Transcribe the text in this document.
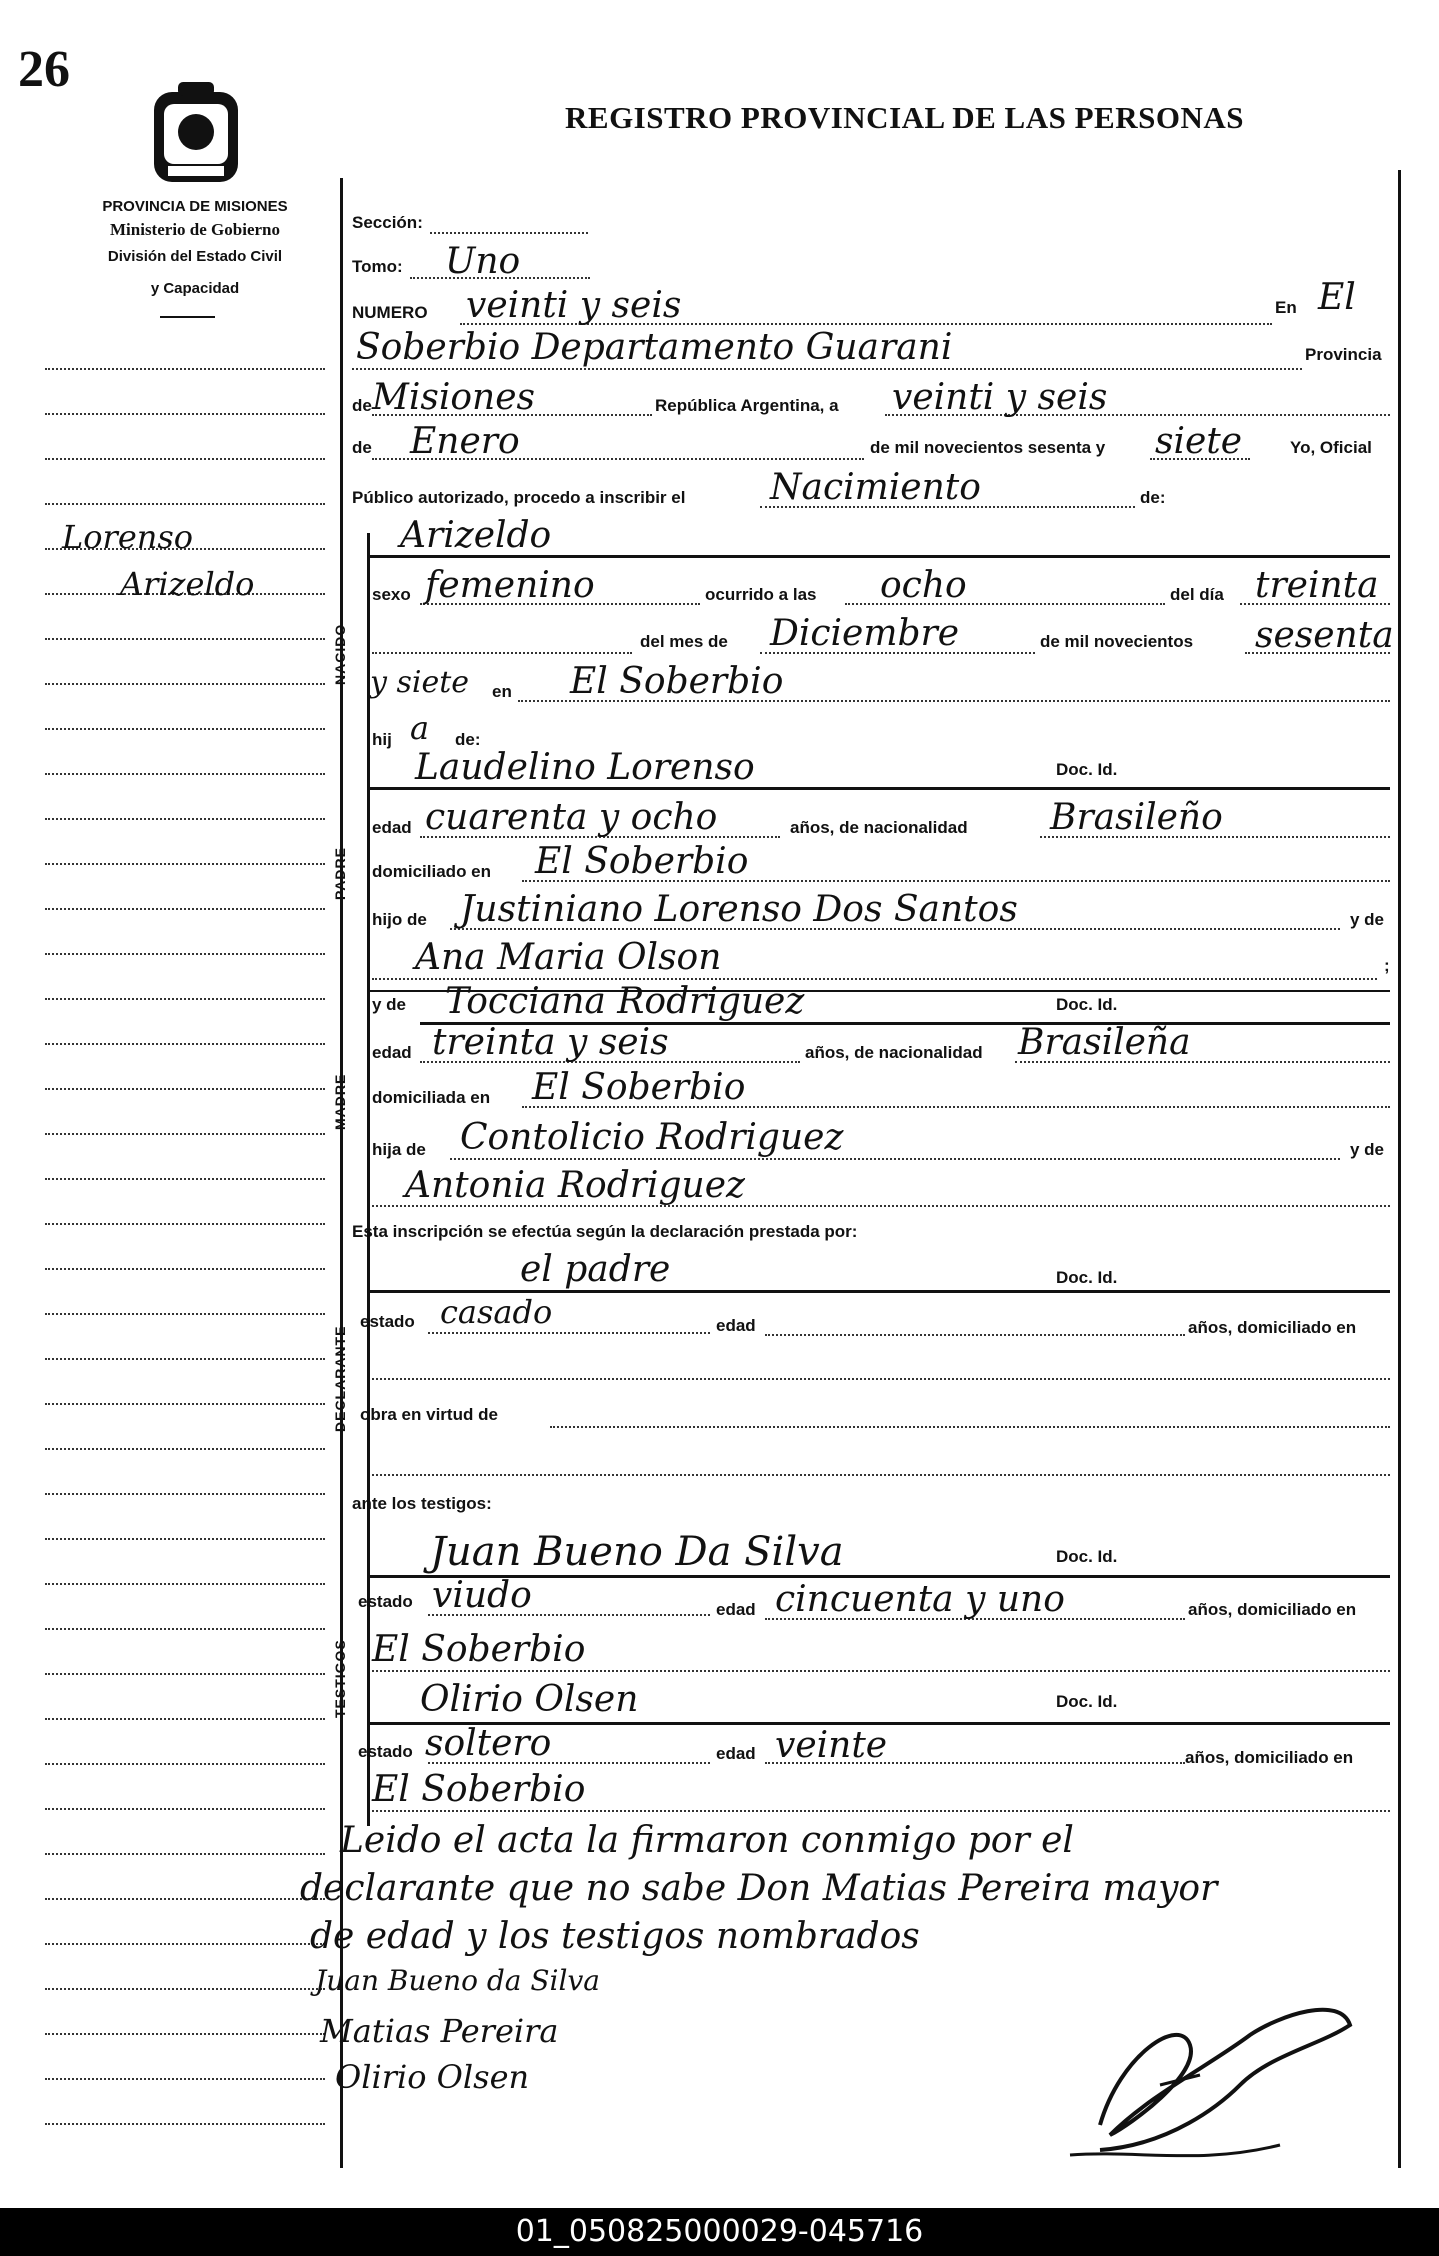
26
REGISTRO PROVINCIAL DE LAS PERSONAS
PROVINCIA DE MISIONES
Ministerio de Gobierno
División del Estado Civil
y Capacidad
Lorenso
Arizeldo
Sección:
Tomo: Uno
NUMERO veinti y seis	En El
Soberbio Departamento Guarani	Provincia
de Misiones	República Argentina, a veinti y seis
de Enero	de mil novecientos sesenta y siete	Yo, Oficial
Público autorizado, procedo a inscribir el Nacimiento	de:
Arizeldo
NACIDO
sexo femenino	ocurrido a las ocho	del día treinta
del mes de Diciembre	de mil novecientos sesenta
y siete en El Soberbio
hij a de:
Laudelino Lorenso	Doc. Id.
PADRE
edad cuarenta y ocho	años, de nacionalidad Brasileño
domiciliado en El Soberbio
hijo de Justiniano Lorenso Dos Santos	y de
Ana Maria Olson	;
y de Tocciana Rodriguez	Doc. Id.
MADRE
edad treinta y seis	años, de nacionalidad Brasileña
domiciliada en El Soberbio
hija de Contolicio Rodriguez	y de
Antonia Rodriguez
Esta inscripción se efectúa según la declaración prestada por:
el padre	Doc. Id.
DECLARANTE
estado casado	edad	años, domiciliado en
obra en virtud de
ante los testigos:
Juan Bueno Da Silva	Doc. Id.
TESTIGOS
estado viudo	edad cincuenta y uno	años, domiciliado en
El Soberbio
Olirio Olsen	Doc. Id.
estado soltero	edad veinte	años, domiciliado en
El Soberbio
Leido el acta la firmaron conmigo por el
declarante que no sabe Don Matias Pereira mayor
de edad y los testigos nombrados
Juan Bueno da Silva
Matias Pereira
Olirio Olsen
01_050825000029-045716
